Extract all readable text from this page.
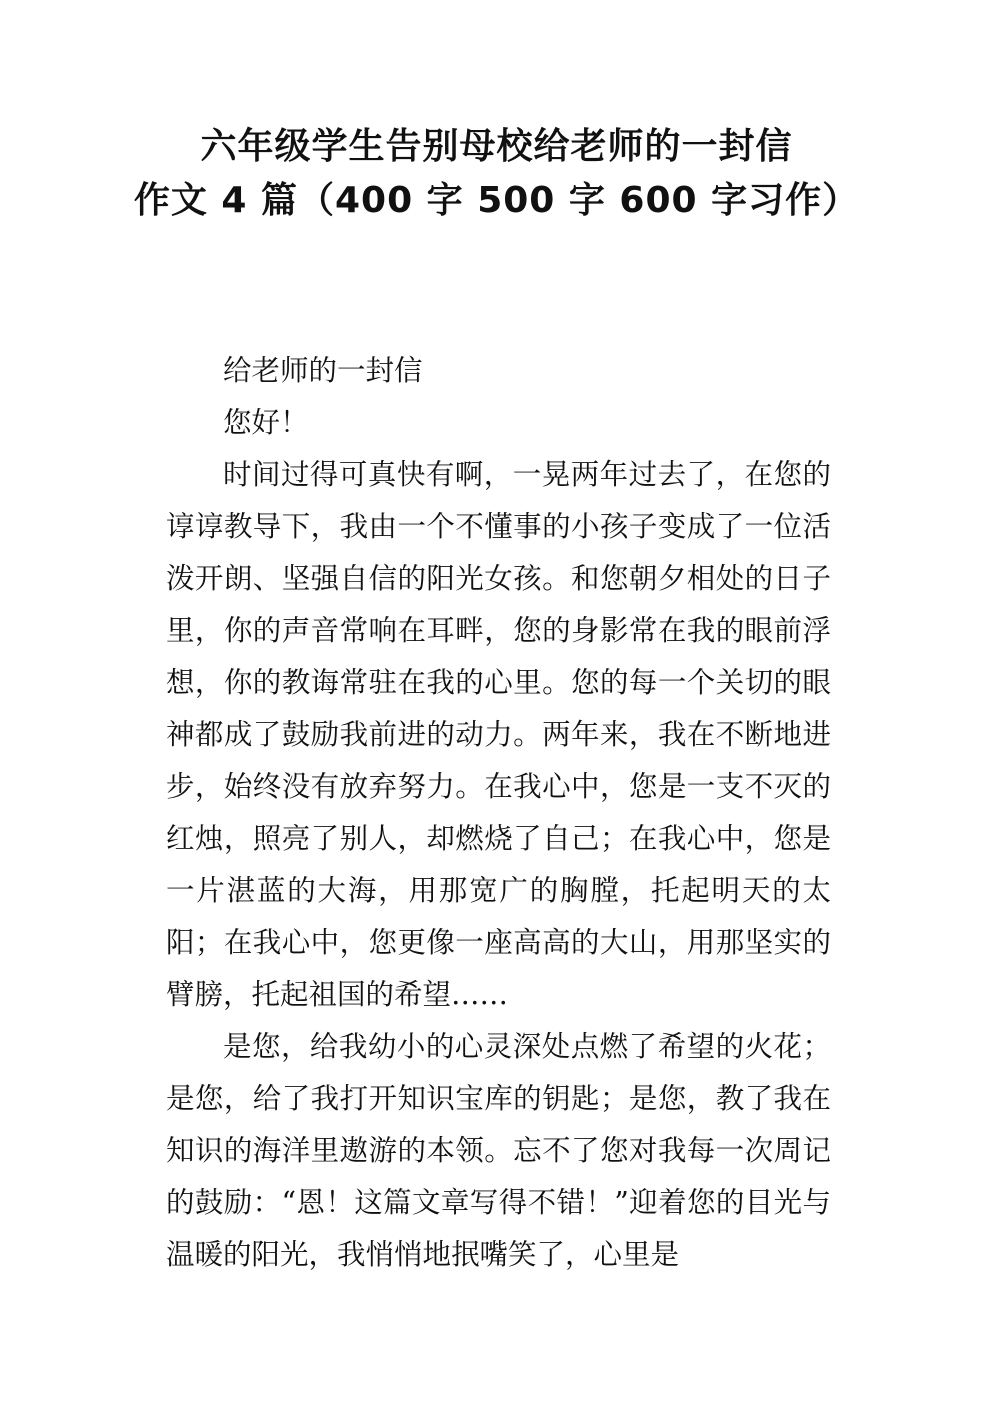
六年级学生告别母校给老师的一封信
作文 4 篇（400 字 500 字 600 字习作）

给老师的一封信

您好！

时间过得可真快有啊，一晃两年过去了，在您的谆谆教导下，我由一个不懂事的小孩子变成了一位活泼开朗、坚强自信的阳光女孩。和您朝夕相处的日子里，你的声音常响在耳畔，您的身影常在我的眼前浮想，你的教诲常驻在我的心里。您的每一个关切的眼神都成了鼓励我前进的动力。两年来，我在不断地进步，始终没有放弃努力。在我心中，您是一支不灭的红烛，照亮了别人，却燃烧了自己；在我心中，您是一片湛蓝的大海，用那宽广的胸膛，托起明天的太阳；在我心中，您更像一座高高的大山，用那坚实的臂膀，托起祖国的希望……

是您，给我幼小的心灵深处点燃了希望的火花；是您，给了我打开知识宝库的钥匙；是您，教了我在知识的海洋里遨游的本领。忘不了您对我每一次周记的鼓励：“恩！这篇文章写得不错！”迎着您的目光与温暖的阳光，我悄悄地抿嘴笑了，心里是
